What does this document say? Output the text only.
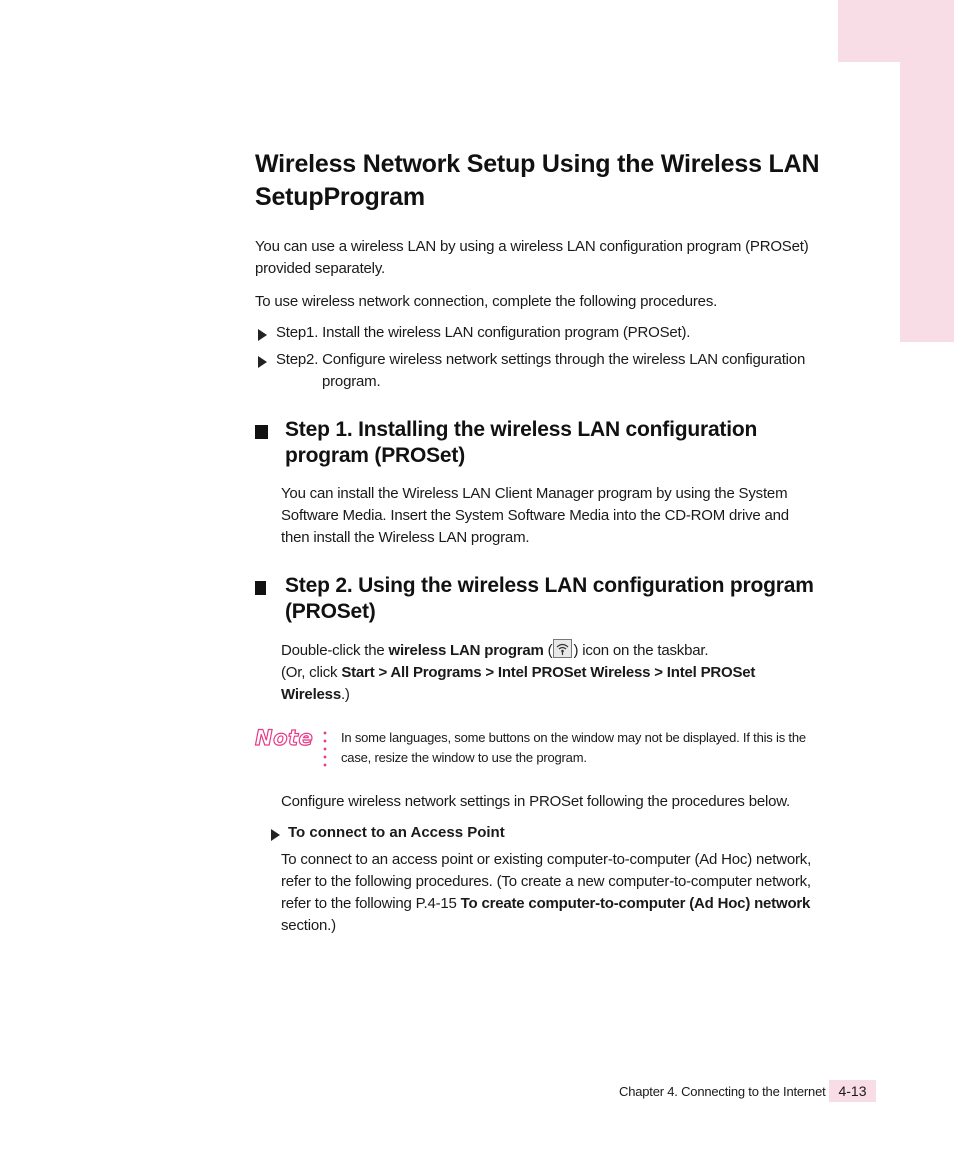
Wireless Network Setup Using the Wireless LAN SetupProgram

You can use a wireless LAN by using a wireless LAN configuration program (PROSet) provided separately.

To use wireless network connection, complete the following procedures.

Step1. Install the wireless LAN configuration program (PROSet).
Step2. Configure wireless network settings through the wireless LAN configuration
program.
Step 1. Installing the wireless LAN configuration program (PROSet)

You can install the Wireless LAN Client Manager program by using the System Software Media. Insert the System Software Media into the CD-ROM drive and then install the Wireless LAN program.

Step 2. Using the wireless LAN configuration program (PROSet)

Double-click the wireless LAN program ( ) icon on the taskbar.
(Or, click Start > All Programs > Intel PROSet Wireless > Intel PROSet Wireless.)

Note In some languages, some buttons on the window may not be displayed. If this is the case, resize the window to use the program.

Configure wireless network settings in PROSet following the procedures below.

To connect to an Access Point

To connect to an access point or existing computer-to-computer (Ad Hoc) network, refer to the following procedures. (To create a new computer-to-computer network, refer to the following P.4-15 To create computer-to-computer (Ad Hoc) network section.)

Chapter 4. Connecting to the Internet 4-13
